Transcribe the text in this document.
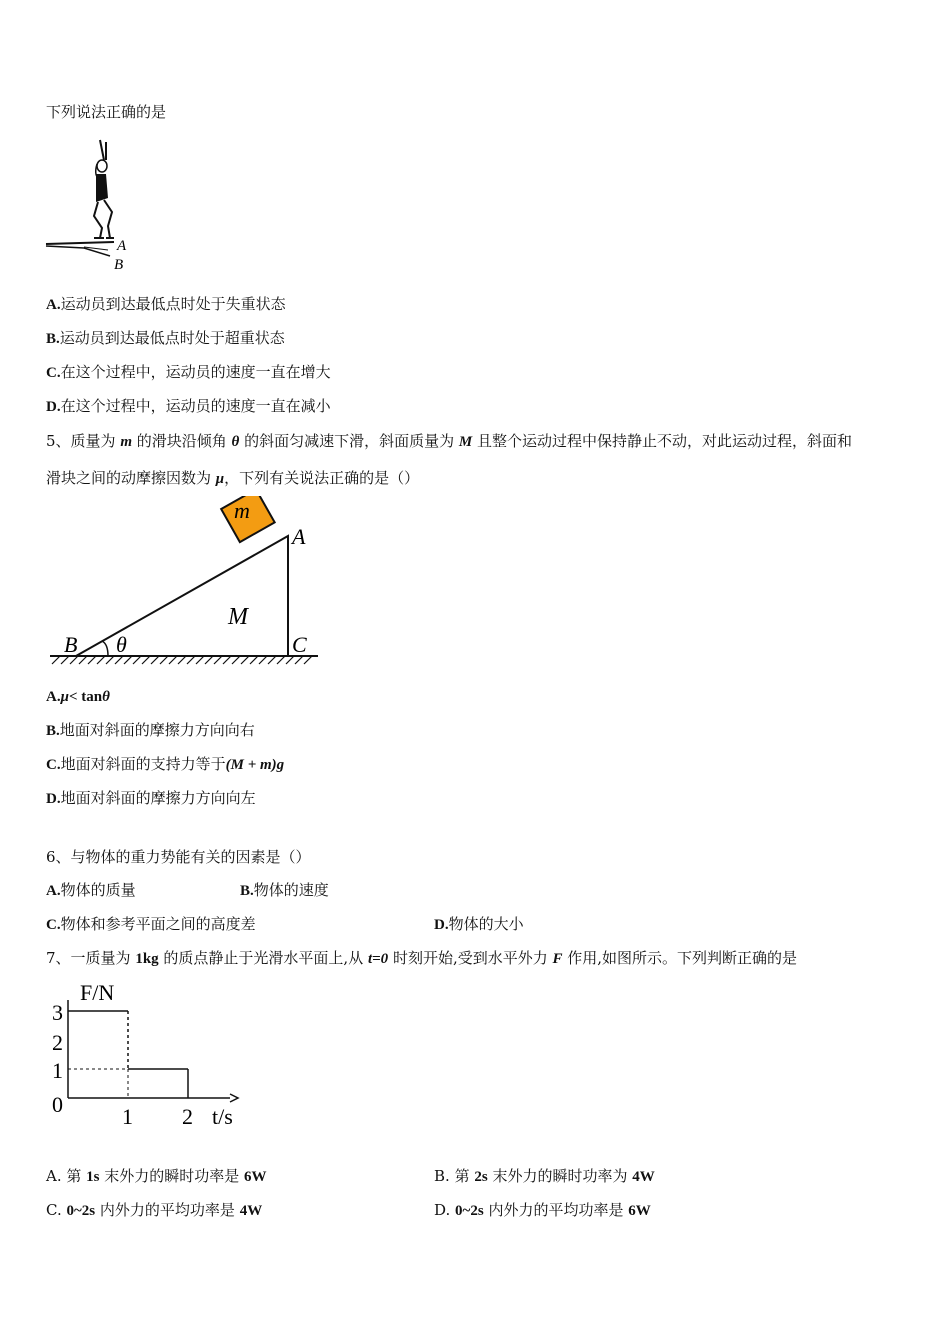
下列说法正确的是
A
B
A.运动员到达最低点时处于失重状态
B.运动员到达最低点时处于超重状态
C.在这个过程中，运动员的速度一直在增大
D.在这个过程中，运动员的速度一直在减小
5、质量为 m 的滑块沿倾角 θ 的斜面匀减速下滑，斜面质量为 M 且整个运动过程中保持静止不动，对此运动过程，斜面和
滑块之间的动摩擦因数为 μ，下列有关说法正确的是（）
m
A
M
B θ	C
A.μ< tanθ
B.地面对斜面的摩擦力方向向右
C.地面对斜面的支持力等于(M + m)g
D.地面对斜面的摩擦力方向向左
6、与物体的重力势能有关的因素是（）
A.物体的质量	B.物体的速度
C.物体和参考平面之间的高度差	D.物体的大小
7、一质量为 1kg 的质点静止于光滑水平面上,从 t=0 时刻开始,受到水平外力 F 作用,如图所示。下列判断正确的是
F/N
t/s
3
2
1
0	1 2
A. 第 1s 末外力的瞬时功率是 6W	B. 第 2s 末外力的瞬时功率为 4W
C. 0~2s 内外力的平均功率是 4W	D. 0~2s 内外力的平均功率是 6W
